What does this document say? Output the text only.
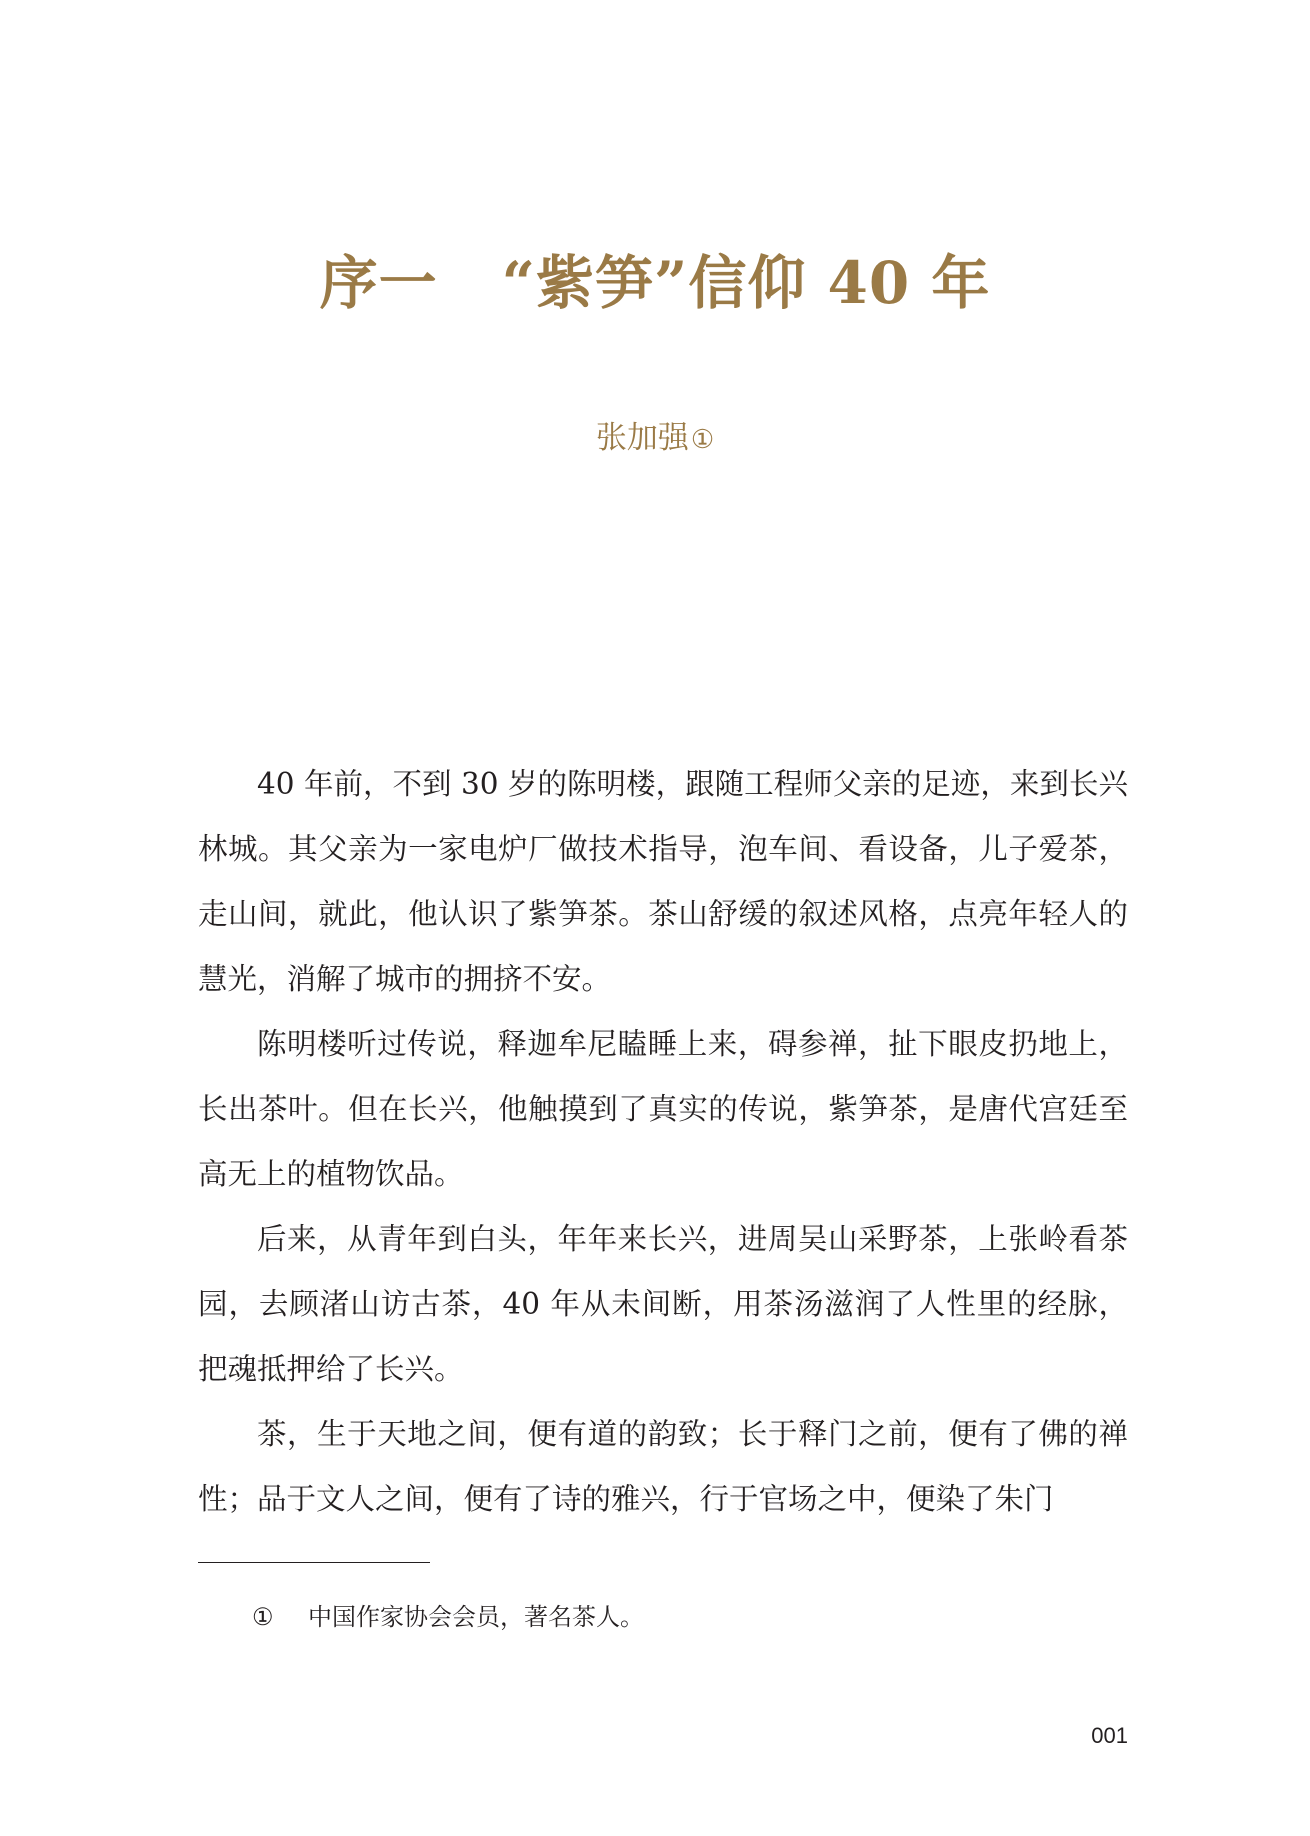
序一 “紫笋”信仰 40 年
张加强①

40 年前，不到 30 岁的陈明楼，跟随工程师父亲的足迹，来到长兴林城。其父亲为一家电炉厂做技术指导，泡车间、看设备，儿子爱茶，走山间，就此，他认识了紫笋茶。茶山舒缓的叙述风格，点亮年轻人的慧光，消解了城市的拥挤不安。

陈明楼听过传说，释迦牟尼瞌睡上来，碍参禅，扯下眼皮扔地上，长出茶叶。但在长兴，他触摸到了真实的传说，紫笋茶，是唐代宫廷至高无上的植物饮品。

后来，从青年到白头，年年来长兴，进周吴山采野茶，上张岭看茶园，去顾渚山访古茶，40 年从未间断，用茶汤滋润了人性里的经脉，把魂抵押给了长兴。

茶，生于天地之间，便有道的韵致；长于释门之前，便有了佛的禅性；品于文人之间，便有了诗的雅兴，行于官场之中，便染了朱门

① 中国作家协会会员，著名茶人。
001
